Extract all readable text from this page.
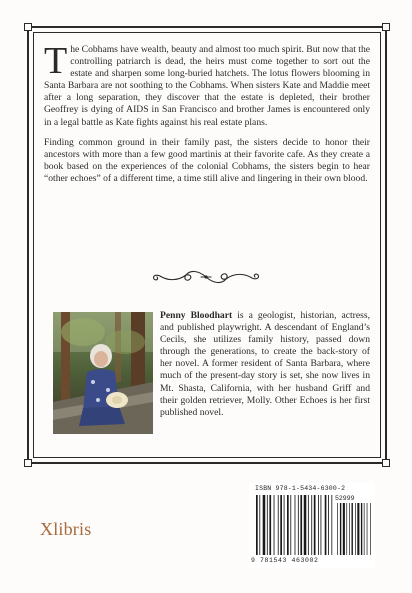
The Cobhams have wealth, beauty and almost too much spirit. But now that the controlling patriarch is dead, the heirs must come together to sort out the estate and sharpen some long-buried hatchets. The lotus flowers blooming in Santa Barbara are not soothing to the Cobhams. When sisters Kate and Maddie meet after a long separation, they discover that the estate is depleted, their brother Geoffrey is dying of AIDS in San Francisco and brother James is encountered only in a legal battle as Kate fights against his real estate plans.

Finding common ground in their family past, the sisters decide to honor their ancestors with more than a few good martinis at their favorite cafe. As they create a book based on the experiences of the colonial Cobhams, the sisters begin to hear “other echoes” of a different time, a time still alive and lingering in their own blood.

Penny Bloodhart is a geologist, historian, actress, and published playwright. A descendant of England’s Cecils, she utilizes family history, passed down through the generations, to create the back-story of her novel. A former resident of Santa Barbara, where much of the present-day story is set, she now lives in Mt. Shasta, California, with her husband Griff and their golden retriever, Molly. Other Echoes is her first published novel.

ISBN 978-1-5434-6300-2
52999
9 781543 463002
Xlibris
